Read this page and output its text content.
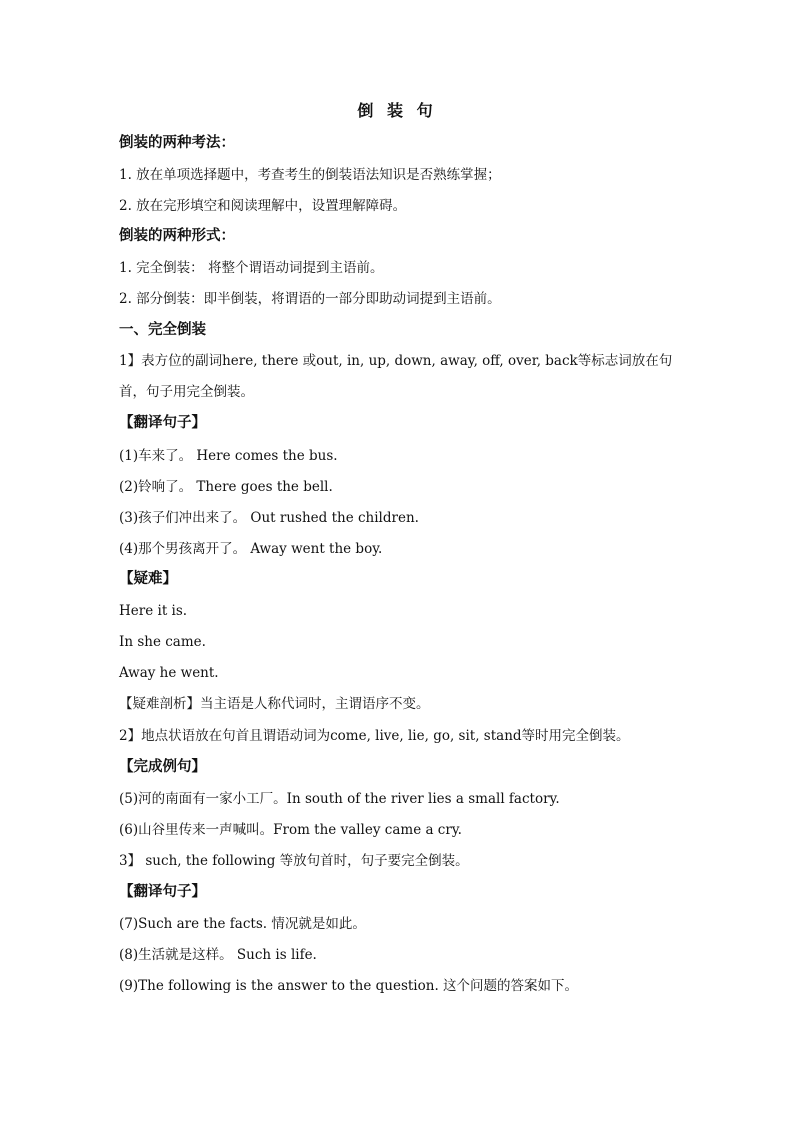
倒 装 句
倒装的两种考法：
1. 放在单项选择题中，考查考生的倒装语法知识是否熟练掌握；
2. 放在完形填空和阅读理解中，设置理解障碍。
倒装的两种形式：
1. 完全倒装： 将整个谓语动词提到主语前。
2. 部分倒装：即半倒装，将谓语的一部分即助动词提到主语前。
一、完全倒装
1】表方位的副词here, there 或out, in, up, down, away, off, over, back等标志词放在句首，句子用完全倒装。
【翻译句子】
(1)车来了。 Here comes the bus.
(2)铃响了。 There goes the bell.
(3)孩子们冲出来了。 Out rushed the children.
(4)那个男孩离开了。 Away went the boy.
【疑难】
Here it is.
In she came.
Away he went.
【疑难剖析】当主语是人称代词时，主谓语序不变。
2】地点状语放在句首且谓语动词为come, live, lie, go, sit, stand等时用完全倒装。
【完成例句】
(5)河的南面有一家小工厂。In south of the river lies a small factory.
(6)山谷里传来一声喊叫。From the valley came a cry.
3】 such, the following 等放句首时，句子要完全倒装。
【翻译句子】
(7)Such are the facts. 情况就是如此。
(8)生活就是这样。 Such is life.
(9)The following is the answer to the question. 这个问题的答案如下。
